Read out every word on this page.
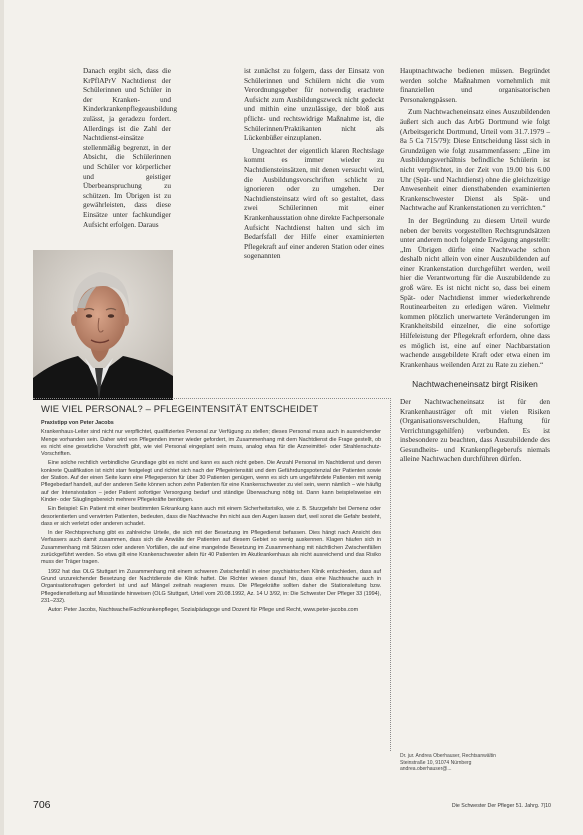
Danach ergibt sich, dass die KrPflAPrV Nachtdienst der Schülerinnen und Schüler in der Kranken- und Kinderkrankenpflegeausbildung zulässt, ja geradezu fordert. Allerdings ist die Zahl der Nachtdienst-einsätze stellenmäßig begrenzt, in der Absicht, die Schülerinnen und Schüler vor körperlicher und geistiger Überbeanspruchung zu schützen. Im Übrigen ist zu gewährleisten, dass diese Einsätze unter fachkundiger Aufsicht erfolgen. Daraus

ist zunächst zu folgern, dass der Einsatz von Schülerinnen und Schülern nicht die vom Verordnungsgeber für notwendig erachtete Aufsicht zum Ausbildungszweck nicht gedeckt und mithin eine unzulässige, der bloß aus pflicht- und rechtswidrige Maßnahme ist, die Schülerinnen/Praktikanten nicht als Lückenbüßer einzuplanen.

Ungeachtet der eigentlich klaren Rechtslage kommt es immer wieder zu Nachtdiensteinsätzen, mit denen versucht wird, die Ausbildungsvorschriften schlicht zu ignorieren oder zu umgehen. Der Nachtdiensteinsatz wird oft so gestaltet, dass zwei Schülerinnen mit einer Krankenhausstation ohne direkte Fachpersonale Aufsicht Nachtdienst halten und sich im Bedarfsfall der Hilfe einer examinierten Pflegekraft auf einer anderen Station oder eines sogenannten

Hauptnachtwache bedienen müssen. Begründet werden solche Maßnahmen vornehmlich mit finanziellen und organisatorischen Personalengpässen.

Zum Nachtwacheneinsatz eines Auszubildenden äußert sich auch das ArbG Dortmund wie folgt (Arbeitsgericht Dortmund, Urteil vom 31.7.1979 – 8a 5 Ca 715/79): Diese Entscheidung lässt sich in Grundzügen wie folgt zusammenfassen: „Eine im Ausbildungsverhältnis befindliche Schülerin ist nicht verpflichtet, in der Zeit von 19.00 bis 6.00 Uhr (Spät- und Nachtdienst) ohne die gleichzeitige Anwesenheit einer diensthabenden examinierten Krankenschwester Dienst als Spät- und Nachtwache auf Krankenstationen zu verrichten.“

In der Begründung zu diesem Urteil wurde neben der bereits vorgestellten Rechtsgrundsätzen unter anderem noch folgende Erwägung angestellt: „Im Übrigen dürfte eine Nachtwache schon deshalb nicht allein von einer Auszubildenden auf einer Krankenstation durchgeführt werden, weil hier die Verantwortung für die Auszubildende zu groß wäre. Es ist nicht nicht so, dass bei einem Spät- oder Nachtdienst immer wiederkehrende Routinearbeiten zu erledigen wären. Vielmehr kommen plötzlich unerwartete Veränderungen im Krankheitsbild einzelner, die eine sofortige Hilfeleistung der Pflegekraft erfordern, ohne dass es möglich ist, eine auf einer Nachbarstation wachende ausgebildete Kraft oder etwa einen im Krankenhaus weilenden Arzt zu Rate zu ziehen.“

Nachtwacheneinsatz birgt Risiken

Der Nachtwacheneinsatz ist für den Krankenhausträger oft mit vielen Risiken (Organisationsverschulden, Haftung für Verrichtungsgehilfen) verbunden. Es ist insbesondere zu beachten, dass Auszubildende des Gesundheits- und Krankenpflegeberufs niemals alleine Nachtwachen durchführen dürfen.

WIE VIEL PERSONAL? – PFLEGEINTENSITÄT ENTSCHEIDET

Praxistipp von Peter Jacobs

Krankenhaus-Leiter sind nicht nur verpflichtet, qualifiziertes Personal zur Verfügung zu stellen; dieses Personal muss auch in ausreichender Menge vorhanden sein. Daher wird von Pflegenden immer wieder gefordert, im Zusammenhang mit dem Nachtdienst die Frage gestellt, ob es nicht eine gesetzliche Vorschrift gibt, wie viel Personal eingeplant sein muss, analog etwa für die Arzneimittel- oder Strahlenschutz-Vorschriften.

Eine solche rechtlich verbindliche Grundlage gibt es nicht und kann es auch nicht geben. Die Anzahl Personal im Nachtdienst und deren konkrete Qualifikation ist nicht starr festgelegt und richtet sich nach der Pflegeintensität und dem Gefährdungspotenzial der Patienten sowie der Station. Auf der einen Seite kann eine Pflegeperson für über 30 Patienten genügen, wenn es sich um ungefährdete Patienten mit wenig Pflegebedarf handelt, auf der anderen Seite können schon zehn Patienten für eine Krankenschwester zu viel sein, wenn nämlich – wie häufig auf der Intensivstation – jeder Patient sofortiger Versorgung bedarf und ständige Überwachung nötig ist. Dann kann beispielsweise ein Kinder- oder Säuglingsbereich mehrere Pflegekräfte benötigen.

Ein Beispiel: Ein Patient mit einer bestimmten Erkrankung kann auch mit einem Sicherheitsrisiko, wie z. B. Sturzgefahr bei Demenz oder desorientierten und verwirrten Patienten, bedeuten, dass die Nachtwache ihn nicht aus den Augen lassen darf, weil sonst die Gefahr besteht, dass er sich verletzt oder anderen schadet.

In der Rechtsprechung gibt es zahlreiche Urteile, die sich mit der Besetzung im Pflegedienst befassen. Dies hängt nach Ansicht des Verfassers auch damit zusammen, dass sich die Anwälte der Patienten auf diesem Gebiet so wenig auskennen. Klagen häufen sich in Zusammenhang mit Stürzen oder anderen Vorfällen, die auf eine mangelnde Besetzung im Zusammenhang mit nächtlichen Zwischenfällen zurückgeführt werden. So etwa gilt eine Krankenschwester allein für 40 Patienten im Akutkrankenhaus als nicht ausreichend und das Risiko muss der Träger tragen.

1992 hat das OLG Stuttgart im Zusammenhang mit einem schweren Zwischenfall in einer psychiatrischen Klinik entschieden, dass auf Grund unzureichender Besetzung der Nachtdienste die Klinik haftet. Die Richter wiesen darauf hin, dass eine Nachtwache auch in Organisationsfragen gefordert ist und auf Mängel zeitnah reagieren muss. Die Pflegekräfte sollten daher die Stationsleitung bzw. Pflegedienstleitung auf Missstände hinweisen (OLG Stuttgart, Urteil vom 20.08.1992, Az. 14 U 3/92, in: Die Schwester Der Pfleger 33 (1994), 231–232).

Autor: Peter Jacobs, Nachtwache/Fachkrankenpfleger, Sozialpädagoge und Dozent für Pflege und Recht, www.peter-jacobs.com

Dr. jur. Andrea Oberhauser, Rechtsanwältin

Steinstraße 10, 91074 Nürnberg

andrea.oberhauser@...

706	Die Schwester Der Pfleger 51. Jahrg. 7|10
